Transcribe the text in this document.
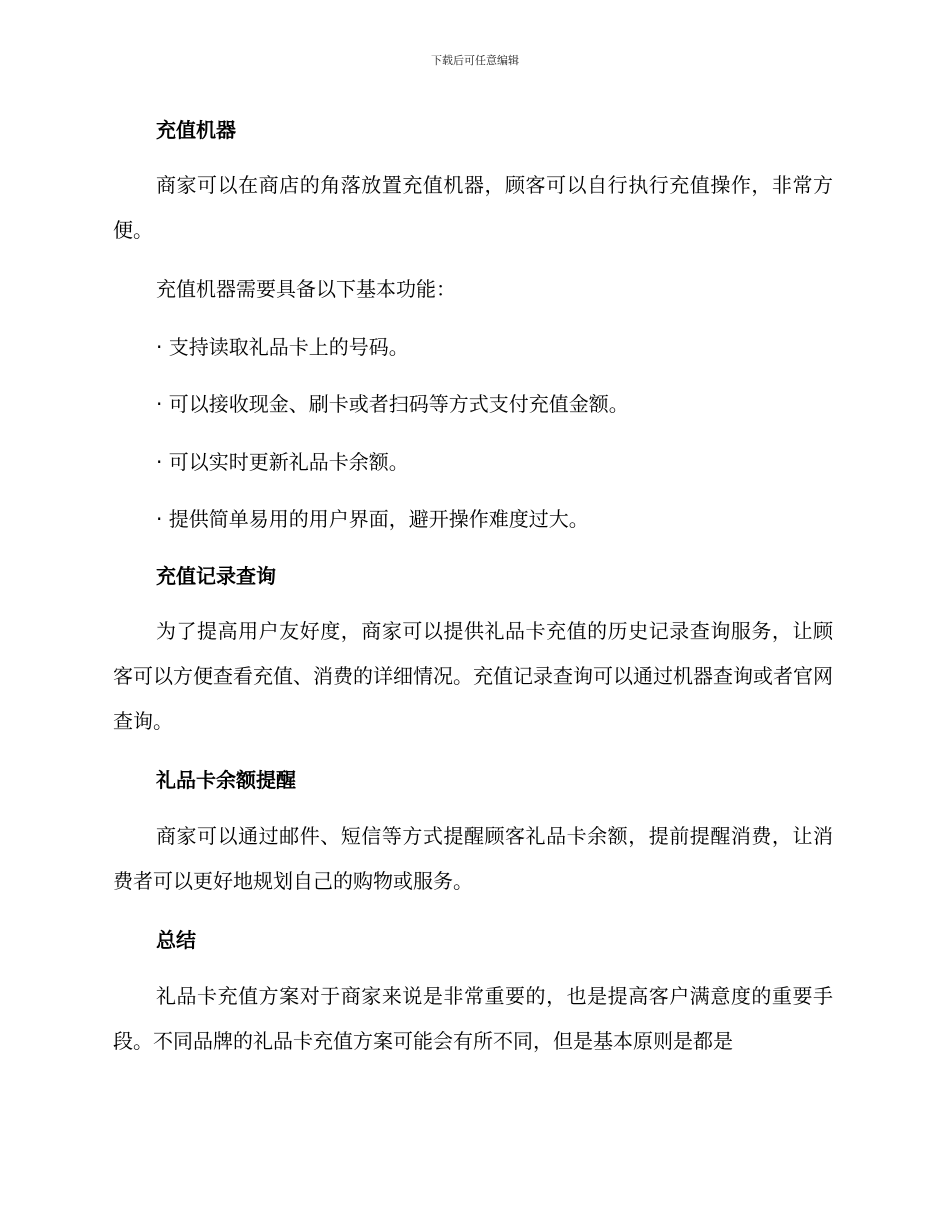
下载后可任意编辑
充值机器
商家可以在商店的角落放置充值机器，顾客可以自行执行充值操作，非常方便。
充值机器需要具备以下基本功能：
· 支持读取礼品卡上的号码。
· 可以接收现金、刷卡或者扫码等方式支付充值金额。
· 可以实时更新礼品卡余额。
· 提供简单易用的用户界面，避开操作难度过大。
充值记录查询
为了提高用户友好度，商家可以提供礼品卡充值的历史记录查询服务，让顾客可以方便查看充值、消费的详细情况。充值记录查询可以通过机器查询或者官网查询。
礼品卡余额提醒
商家可以通过邮件、短信等方式提醒顾客礼品卡余额，提前提醒消费，让消费者可以更好地规划自己的购物或服务。
总结
礼品卡充值方案对于商家来说是非常重要的，也是提高客户满意度的重要手段。不同品牌的礼品卡充值方案可能会有所不同，但是基本原则是都是
